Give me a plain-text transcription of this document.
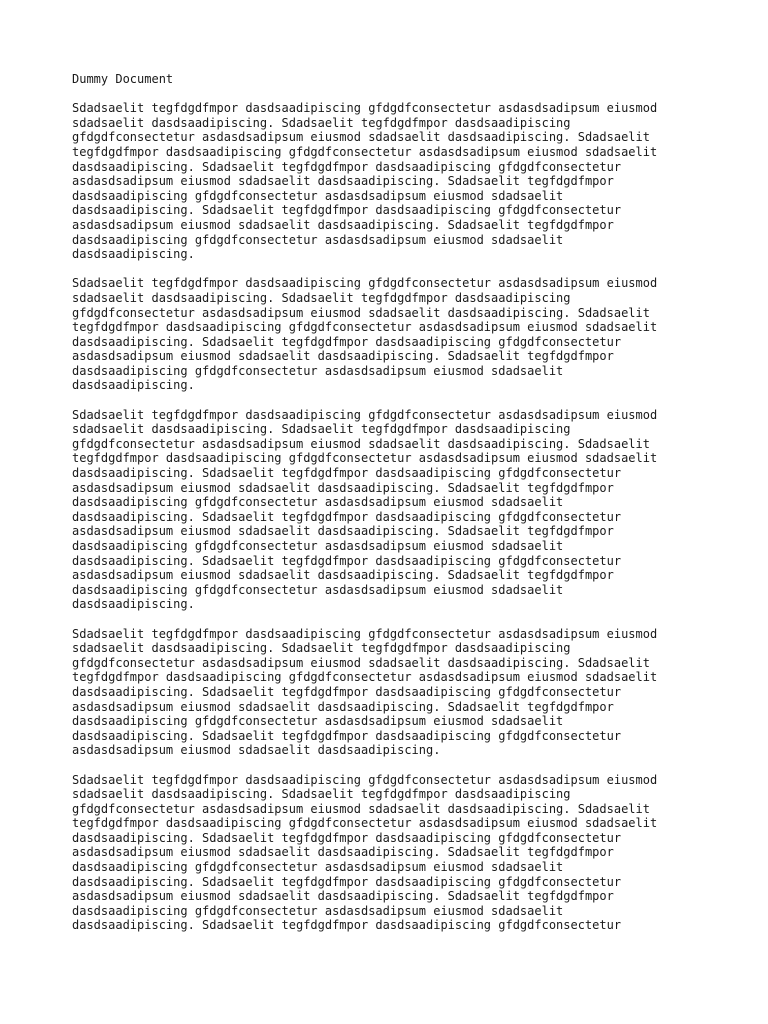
Dummy Document
Sdadsaelit tegfdgdfmpor dasdsaadipiscing gfdgdfconsectetur asdasdsadipsum eiusmod
sdadsaelit dasdsaadipiscing. Sdadsaelit tegfdgdfmpor dasdsaadipiscing
gfdgdfconsectetur asdasdsadipsum eiusmod sdadsaelit dasdsaadipiscing. Sdadsaelit
tegfdgdfmpor dasdsaadipiscing gfdgdfconsectetur asdasdsadipsum eiusmod sdadsaelit
dasdsaadipiscing. Sdadsaelit tegfdgdfmpor dasdsaadipiscing gfdgdfconsectetur
asdasdsadipsum eiusmod sdadsaelit dasdsaadipiscing. Sdadsaelit tegfdgdfmpor
dasdsaadipiscing gfdgdfconsectetur asdasdsadipsum eiusmod sdadsaelit
dasdsaadipiscing. Sdadsaelit tegfdgdfmpor dasdsaadipiscing gfdgdfconsectetur
asdasdsadipsum eiusmod sdadsaelit dasdsaadipiscing. Sdadsaelit tegfdgdfmpor
dasdsaadipiscing gfdgdfconsectetur asdasdsadipsum eiusmod sdadsaelit
dasdsaadipiscing.
Sdadsaelit tegfdgdfmpor dasdsaadipiscing gfdgdfconsectetur asdasdsadipsum eiusmod
sdadsaelit dasdsaadipiscing. Sdadsaelit tegfdgdfmpor dasdsaadipiscing
gfdgdfconsectetur asdasdsadipsum eiusmod sdadsaelit dasdsaadipiscing. Sdadsaelit
tegfdgdfmpor dasdsaadipiscing gfdgdfconsectetur asdasdsadipsum eiusmod sdadsaelit
dasdsaadipiscing. Sdadsaelit tegfdgdfmpor dasdsaadipiscing gfdgdfconsectetur
asdasdsadipsum eiusmod sdadsaelit dasdsaadipiscing. Sdadsaelit tegfdgdfmpor
dasdsaadipiscing gfdgdfconsectetur asdasdsadipsum eiusmod sdadsaelit
dasdsaadipiscing.
Sdadsaelit tegfdgdfmpor dasdsaadipiscing gfdgdfconsectetur asdasdsadipsum eiusmod
sdadsaelit dasdsaadipiscing. Sdadsaelit tegfdgdfmpor dasdsaadipiscing
gfdgdfconsectetur asdasdsadipsum eiusmod sdadsaelit dasdsaadipiscing. Sdadsaelit
tegfdgdfmpor dasdsaadipiscing gfdgdfconsectetur asdasdsadipsum eiusmod sdadsaelit
dasdsaadipiscing. Sdadsaelit tegfdgdfmpor dasdsaadipiscing gfdgdfconsectetur
asdasdsadipsum eiusmod sdadsaelit dasdsaadipiscing. Sdadsaelit tegfdgdfmpor
dasdsaadipiscing gfdgdfconsectetur asdasdsadipsum eiusmod sdadsaelit
dasdsaadipiscing. Sdadsaelit tegfdgdfmpor dasdsaadipiscing gfdgdfconsectetur
asdasdsadipsum eiusmod sdadsaelit dasdsaadipiscing. Sdadsaelit tegfdgdfmpor
dasdsaadipiscing gfdgdfconsectetur asdasdsadipsum eiusmod sdadsaelit
dasdsaadipiscing. Sdadsaelit tegfdgdfmpor dasdsaadipiscing gfdgdfconsectetur
asdasdsadipsum eiusmod sdadsaelit dasdsaadipiscing. Sdadsaelit tegfdgdfmpor
dasdsaadipiscing gfdgdfconsectetur asdasdsadipsum eiusmod sdadsaelit
dasdsaadipiscing.
Sdadsaelit tegfdgdfmpor dasdsaadipiscing gfdgdfconsectetur asdasdsadipsum eiusmod
sdadsaelit dasdsaadipiscing. Sdadsaelit tegfdgdfmpor dasdsaadipiscing
gfdgdfconsectetur asdasdsadipsum eiusmod sdadsaelit dasdsaadipiscing. Sdadsaelit
tegfdgdfmpor dasdsaadipiscing gfdgdfconsectetur asdasdsadipsum eiusmod sdadsaelit
dasdsaadipiscing. Sdadsaelit tegfdgdfmpor dasdsaadipiscing gfdgdfconsectetur
asdasdsadipsum eiusmod sdadsaelit dasdsaadipiscing. Sdadsaelit tegfdgdfmpor
dasdsaadipiscing gfdgdfconsectetur asdasdsadipsum eiusmod sdadsaelit
dasdsaadipiscing. Sdadsaelit tegfdgdfmpor dasdsaadipiscing gfdgdfconsectetur
asdasdsadipsum eiusmod sdadsaelit dasdsaadipiscing.
Sdadsaelit tegfdgdfmpor dasdsaadipiscing gfdgdfconsectetur asdasdsadipsum eiusmod
sdadsaelit dasdsaadipiscing. Sdadsaelit tegfdgdfmpor dasdsaadipiscing
gfdgdfconsectetur asdasdsadipsum eiusmod sdadsaelit dasdsaadipiscing. Sdadsaelit
tegfdgdfmpor dasdsaadipiscing gfdgdfconsectetur asdasdsadipsum eiusmod sdadsaelit
dasdsaadipiscing. Sdadsaelit tegfdgdfmpor dasdsaadipiscing gfdgdfconsectetur
asdasdsadipsum eiusmod sdadsaelit dasdsaadipiscing. Sdadsaelit tegfdgdfmpor
dasdsaadipiscing gfdgdfconsectetur asdasdsadipsum eiusmod sdadsaelit
dasdsaadipiscing. Sdadsaelit tegfdgdfmpor dasdsaadipiscing gfdgdfconsectetur
asdasdsadipsum eiusmod sdadsaelit dasdsaadipiscing. Sdadsaelit tegfdgdfmpor
dasdsaadipiscing gfdgdfconsectetur asdasdsadipsum eiusmod sdadsaelit
dasdsaadipiscing. Sdadsaelit tegfdgdfmpor dasdsaadipiscing gfdgdfconsectetur
